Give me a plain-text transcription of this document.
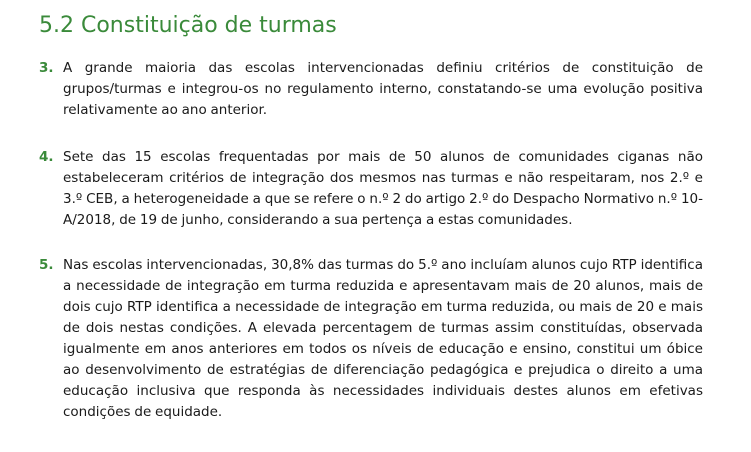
5.2 Constituição de turmas
3. A grande maioria das escolas intervencionadas definiu critérios de constituição de grupos/turmas e integrou-os no regulamento interno, constatando-se uma evolução positiva relativamente ao ano anterior.

4. Sete das 15 escolas frequentadas por mais de 50 alunos de comunidades ciganas não estabeleceram critérios de integração dos mesmos nas turmas e não respeitaram, nos 2.º e 3.º CEB, a heterogeneidade a que se refere o n.º 2 do artigo 2.º do Despacho Normativo n.º 10-A/2018, de 19 de junho, considerando a sua pertença a estas comunidades.

5. Nas escolas intervencionadas, 30,8% das turmas do 5.º ano incluíam alunos cujo RTP identifica a necessidade de integração em turma reduzida e apresentavam mais de 20 alunos, mais de dois cujo RTP identifica a necessidade de integração em turma reduzida, ou mais de 20 e mais de dois nestas condições. A elevada percentagem de turmas assim constituídas, observada igualmente em anos anteriores em todos os níveis de educação e ensino, constitui um óbice ao desenvolvimento de estratégias de diferenciação pedagógica e prejudica o direito a uma educação inclusiva que responda às necessidades individuais destes alunos em efetivas condições de equidade.
